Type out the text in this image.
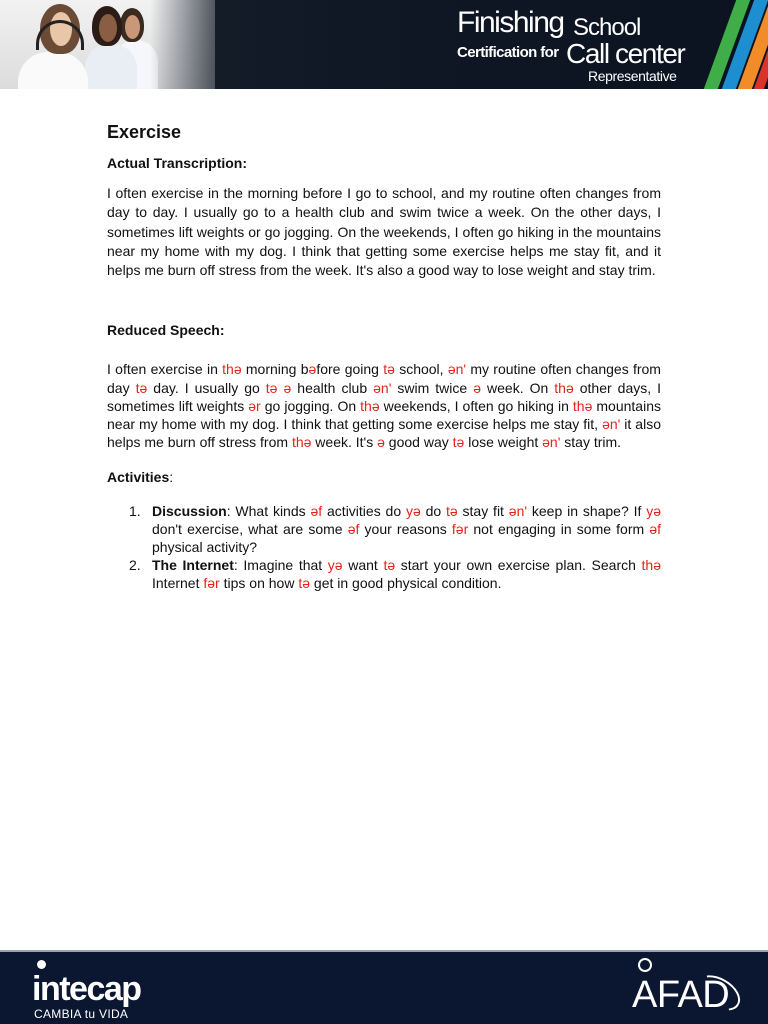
Finishing School
Certification for Call center
Representative
Exercise
Actual Transcription:

I often exercise in the morning before I go to school, and my routine often changes from day to day. I usually go to a health club and swim twice a week. On the other days, I sometimes lift weights or go jogging. On the weekends, I often go hiking in the mountains near my home with my dog. I think that getting some exercise helps me stay fit, and it helps me burn off stress from the week. It's also a good way to lose weight and stay trim.

Reduced Speech:

I often exercise in thə morning bəfore going tə school, ən' my routine often changes from day tə day. I usually go tə ə health club ən' swim twice ə week. On thə other days, I sometimes lift weights ər go jogging. On thə weekends, I often go hiking in thə mountains near my home with my dog. I think that getting some exercise helps me stay fit, ən' it also helps me burn off stress from thə week. It's ə good way tə lose weight ən' stay trim.

Activities:
1. Discussion: What kinds əf activities do yə do tə stay fit ən' keep in shape? If yə don't exercise, what are some əf your reasons fər not engaging in some form əf physical activity?
2. The Internet: Imagine that yə want tə start your own exercise plan. Search thə Internet fər tips on how tə get in good physical condition.
intecap
CAMBIA tu VIDA	AFAD
